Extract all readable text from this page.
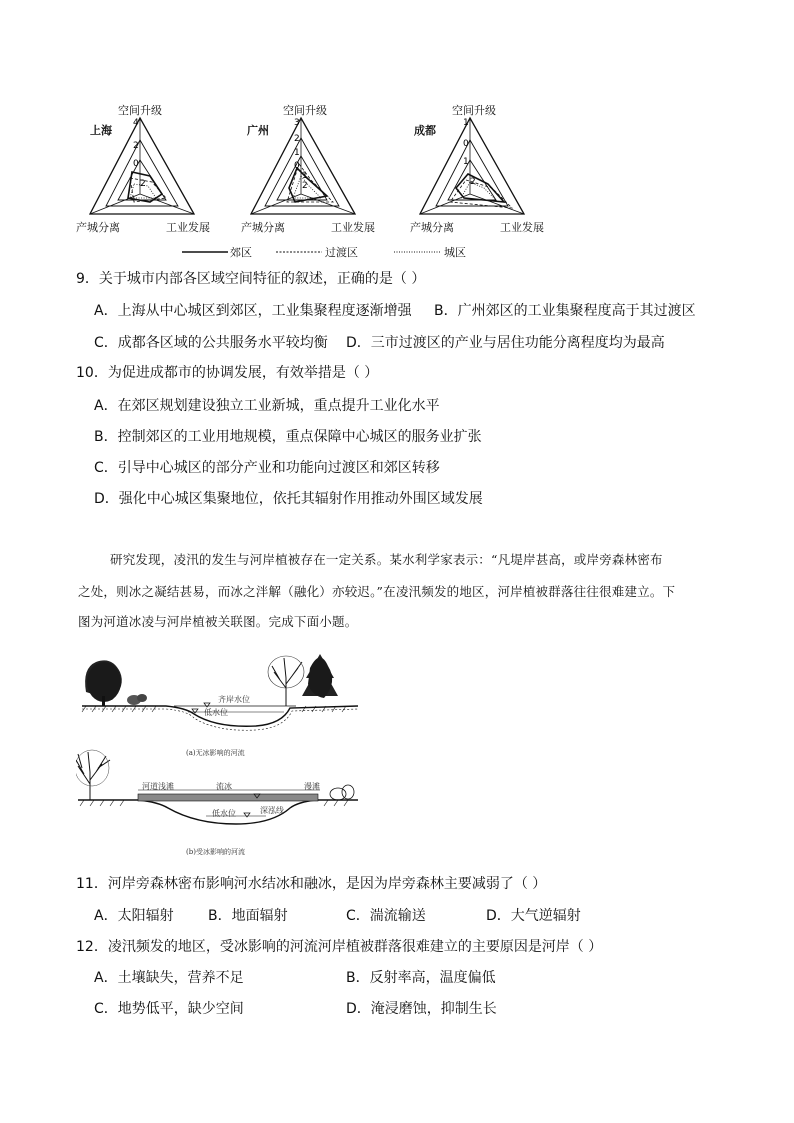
空间升级
上海
产城分离	工业发展
4
2
0
2
空间升级
广州
产城分离	工业发展
3
2
1
0
1
2
空间升级
成都
产城分离	工业发展
1
0
1
2
郊区	过渡区	城区
9．关于城市内部各区域空间特征的叙述，正确的是（ ）
A．上海从中心城区到郊区，工业集聚程度逐渐增强 B．广州郊区的工业集聚程度高于其过渡区
C．成都各区域的公共服务水平较均衡 D．三市过渡区的产业与居住功能分离程度均为最高
10．为促进成都市的协调发展，有效举措是（ ）
A．在郊区规划建设独立工业新城，重点提升工业化水平
B．控制郊区的工业用地规模，重点保障中心城区的服务业扩张
C．引导中心城区的部分产业和功能向过渡区和郊区转移
D．强化中心城区集聚地位，依托其辐射作用推动外围区域发展
研究发现，凌汛的发生与河岸植被存在一定关系。某水利学家表示：“凡堤岸甚高，或岸旁森林密布
之处，则冰之凝结甚易，而冰之泮解（融化）亦较迟。”在凌汛频发的地区，河岸植被群落往往很难建立。下
图为河道冰凌与河岸植被关联图。完成下面小题。
齐岸水位
低水位
(a)无冰影响的河流
河道浅滩	流冰	漫滩
低水位	深泓线
(b)受冰影响的河流
11．河岸旁森林密布影响河水结冰和融冰，是因为岸旁森林主要减弱了（ ）
A．太阳辐射 B．地面辐射	C．湍流输送	D．大气逆辐射
12．凌汛频发的地区，受冰影响的河流河岸植被群落很难建立的主要原因是河岸（ ）
A．土壤缺失，营养不足	B．反射率高，温度偏低
C．地势低平，缺少空间	D．淹浸磨蚀，抑制生长
